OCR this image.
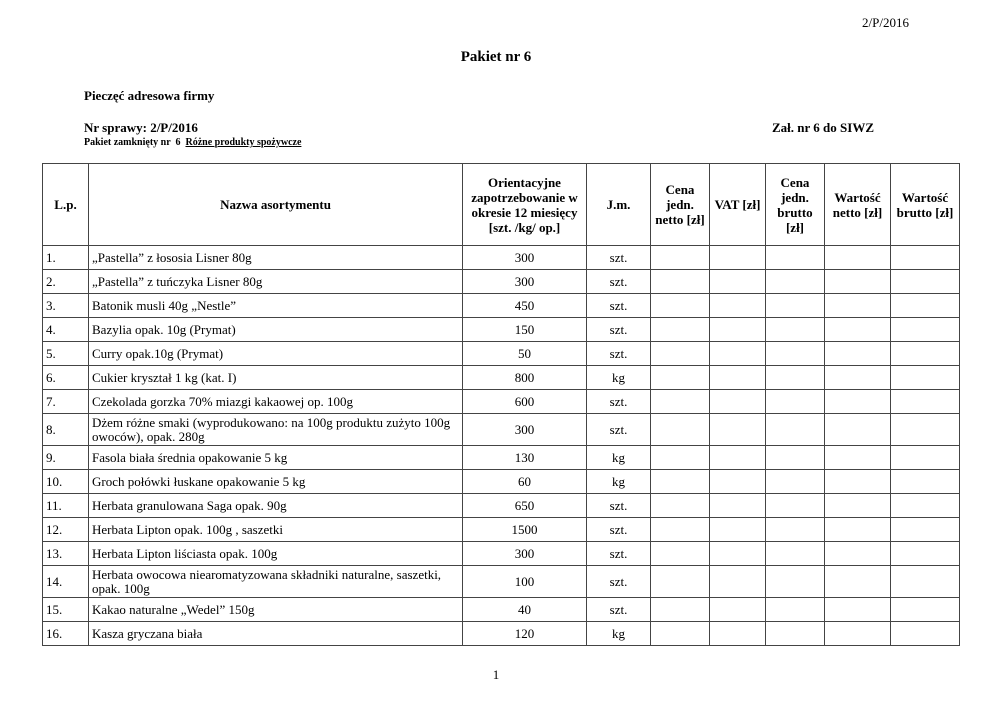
2/P/2016
Pakiet nr 6
Pieczęć adresowa firmy
Nr sprawy: 2/P/2016	Zał. nr 6 do SIWZ
Pakiet zamknięty nr  6  Różne produkty spożywcze
L.p.	Nazwa asortymentu	Orientacyjne zapotrzebowanie w okresie 12 miesięcy [szt. /kg/ op.]	J.m.	Cena jedn. netto [zł]	VAT [zł]	Cena jedn. brutto [zł]	Wartość netto [zł]	Wartość brutto [zł]
1.	„Pastella” z łososia Lisner 80g	300	szt.					
2.	„Pastella” z tuńczyka Lisner 80g	300	szt.					
3.	Batonik musli 40g „Nestle”	450	szt.					
4.	Bazylia opak. 10g (Prymat)	150	szt.					
5.	Curry opak.10g (Prymat)	50	szt.					
6.	Cukier kryształ 1 kg (kat. I)	800	kg					
7.	Czekolada gorzka 70% miazgi kakaowej op. 100g	600	szt.					
8.	Dżem różne smaki (wyprodukowano: na 100g produktu zużyto 100g owoców), opak. 280g	300	szt.					
9.	Fasola biała średnia opakowanie 5 kg	130	kg					
10.	Groch połówki łuskane opakowanie 5 kg	60	kg					
11.	Herbata granulowana Saga opak. 90g	650	szt.					
12.	Herbata Lipton opak. 100g , saszetki	1500	szt.					
13.	Herbata Lipton liściasta opak. 100g	300	szt.					
14.	Herbata owocowa niearomatyzowana składniki naturalne, saszetki, opak. 100g	100	szt.					
15.	Kakao naturalne „Wedel” 150g	40	szt.					
16.	Kasza gryczana biała	120	kg					
1
